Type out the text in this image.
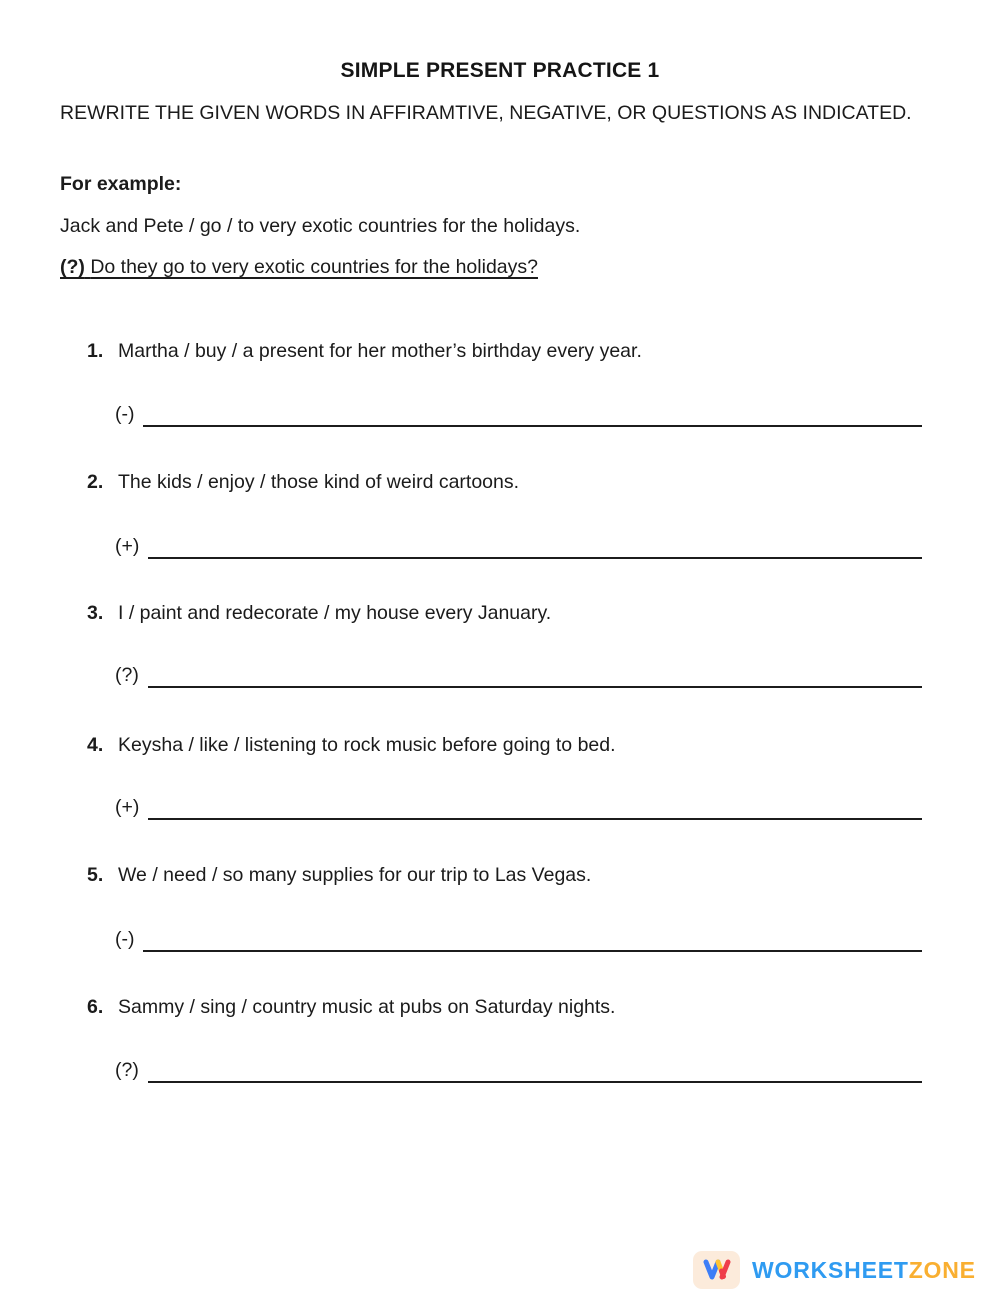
SIMPLE PRESENT PRACTICE 1
REWRITE THE GIVEN WORDS IN AFFIRAMTIVE, NEGATIVE, OR QUESTIONS AS INDICATED.
For example:
Jack and Pete / go / to very exotic countries for the holidays.
(?) Do they go to very exotic countries for the holidays?
1. Martha / buy / a present for her mother’s birthday every year.
(-)
2. The kids / enjoy / those kind of weird cartoons.
(+)
3. I / paint and redecorate / my house every January.
(?)
4. Keysha / like / listening to rock music before going to bed.
(+)
5. We / need / so many supplies for our trip to Las Vegas.
(-)
6. Sammy / sing / country music at pubs on Saturday nights.
(?)
WORKSHEETZONE
